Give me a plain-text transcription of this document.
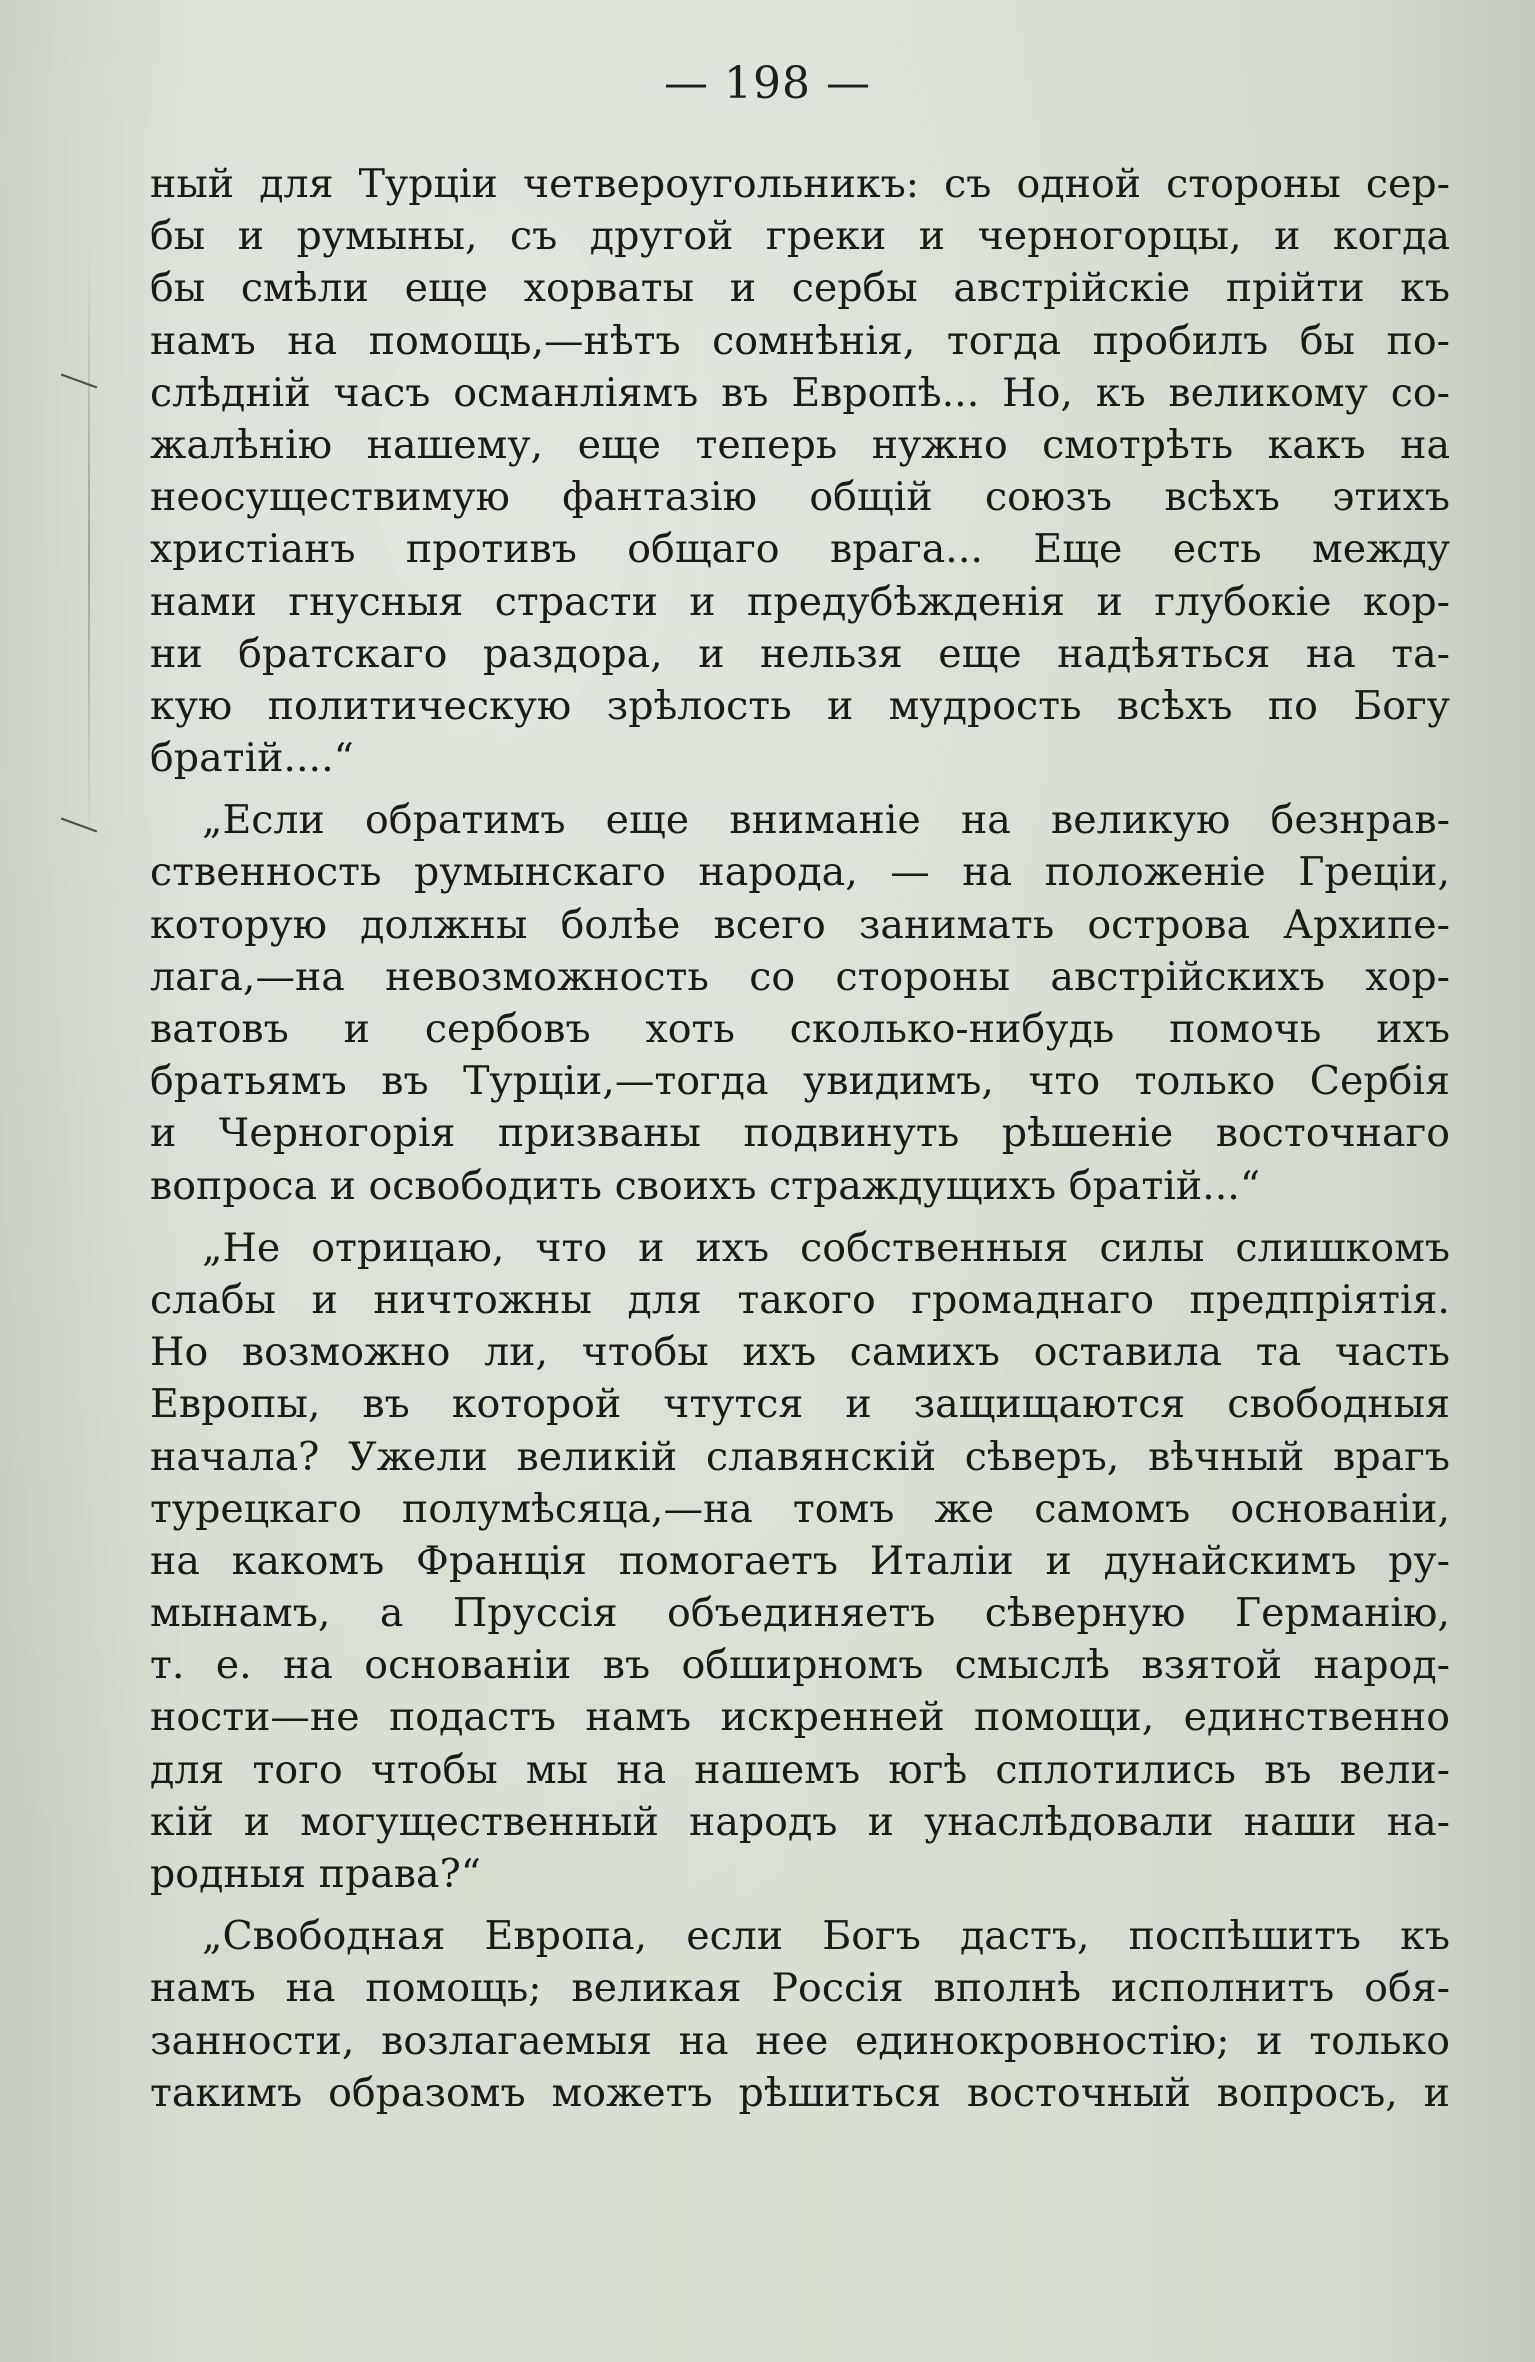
— 198 —
ный для Турціи четвероугольникъ: съ одной стороны сер-
бы и румыны, съ другой греки и черногорцы, и когда
бы смѣли еще хорваты и сербы австрійскіе прійти къ
намъ на помощь,—нѣтъ сомнѣнія, тогда пробилъ бы по-
слѣдній часъ османліямъ въ Европѣ... Но, къ великому со-
жалѣнію нашему, еще теперь нужно смотрѣть какъ на
неосуществимую фантазію общій союзъ всѣхъ этихъ
христіанъ противъ общаго врага... Еще есть между
нами гнусныя страсти и предубѣжденія и глубокіе кор-
ни братскаго раздора, и нельзя еще надѣяться на та-
кую политическую зрѣлость и мудрость всѣхъ по Богу
братій....“
„Если обратимъ еще вниманіе на великую безнрав-
ственность румынскаго народа, — на положеніе Греціи,
которую должны болѣе всего занимать острова Архипе-
лага,—на невозможность со стороны австрійскихъ хор-
ватовъ и сербовъ хоть сколько-нибудь помочь ихъ
братьямъ въ Турціи,—тогда увидимъ, что только Сербія
и Черногорія призваны подвинуть рѣшеніе восточнаго
вопроса и освободить своихъ страждущихъ братій...“
„Не отрицаю, что и ихъ собственныя силы слишкомъ
слабы и ничтожны для такого громаднаго предпріятія.
Но возможно ли, чтобы ихъ самихъ оставила та часть
Европы, въ которой чтутся и защищаются свободныя
начала? Ужели великій славянскій сѣверъ, вѣчный врагъ
турецкаго полумѣсяца,—на томъ же самомъ основаніи,
на какомъ Франція помогаетъ Италіи и дунайскимъ ру-
мынамъ, а Пруссія объединяетъ сѣверную Германію,
т. е. на основаніи въ обширномъ смыслѣ взятой народ-
ности—не подастъ намъ искренней помощи, единственно
для того чтобы мы на нашемъ югѣ сплотились въ вели-
кій и могущественный народъ и унаслѣдовали наши на-
родныя права?“
„Свободная Европа, если Богъ дастъ, поспѣшитъ къ
намъ на помощь; великая Россія вполнѣ исполнитъ обя-
занности, возлагаемыя на нее единокровностію; и только
такимъ образомъ можетъ рѣшиться восточный вопросъ, и
